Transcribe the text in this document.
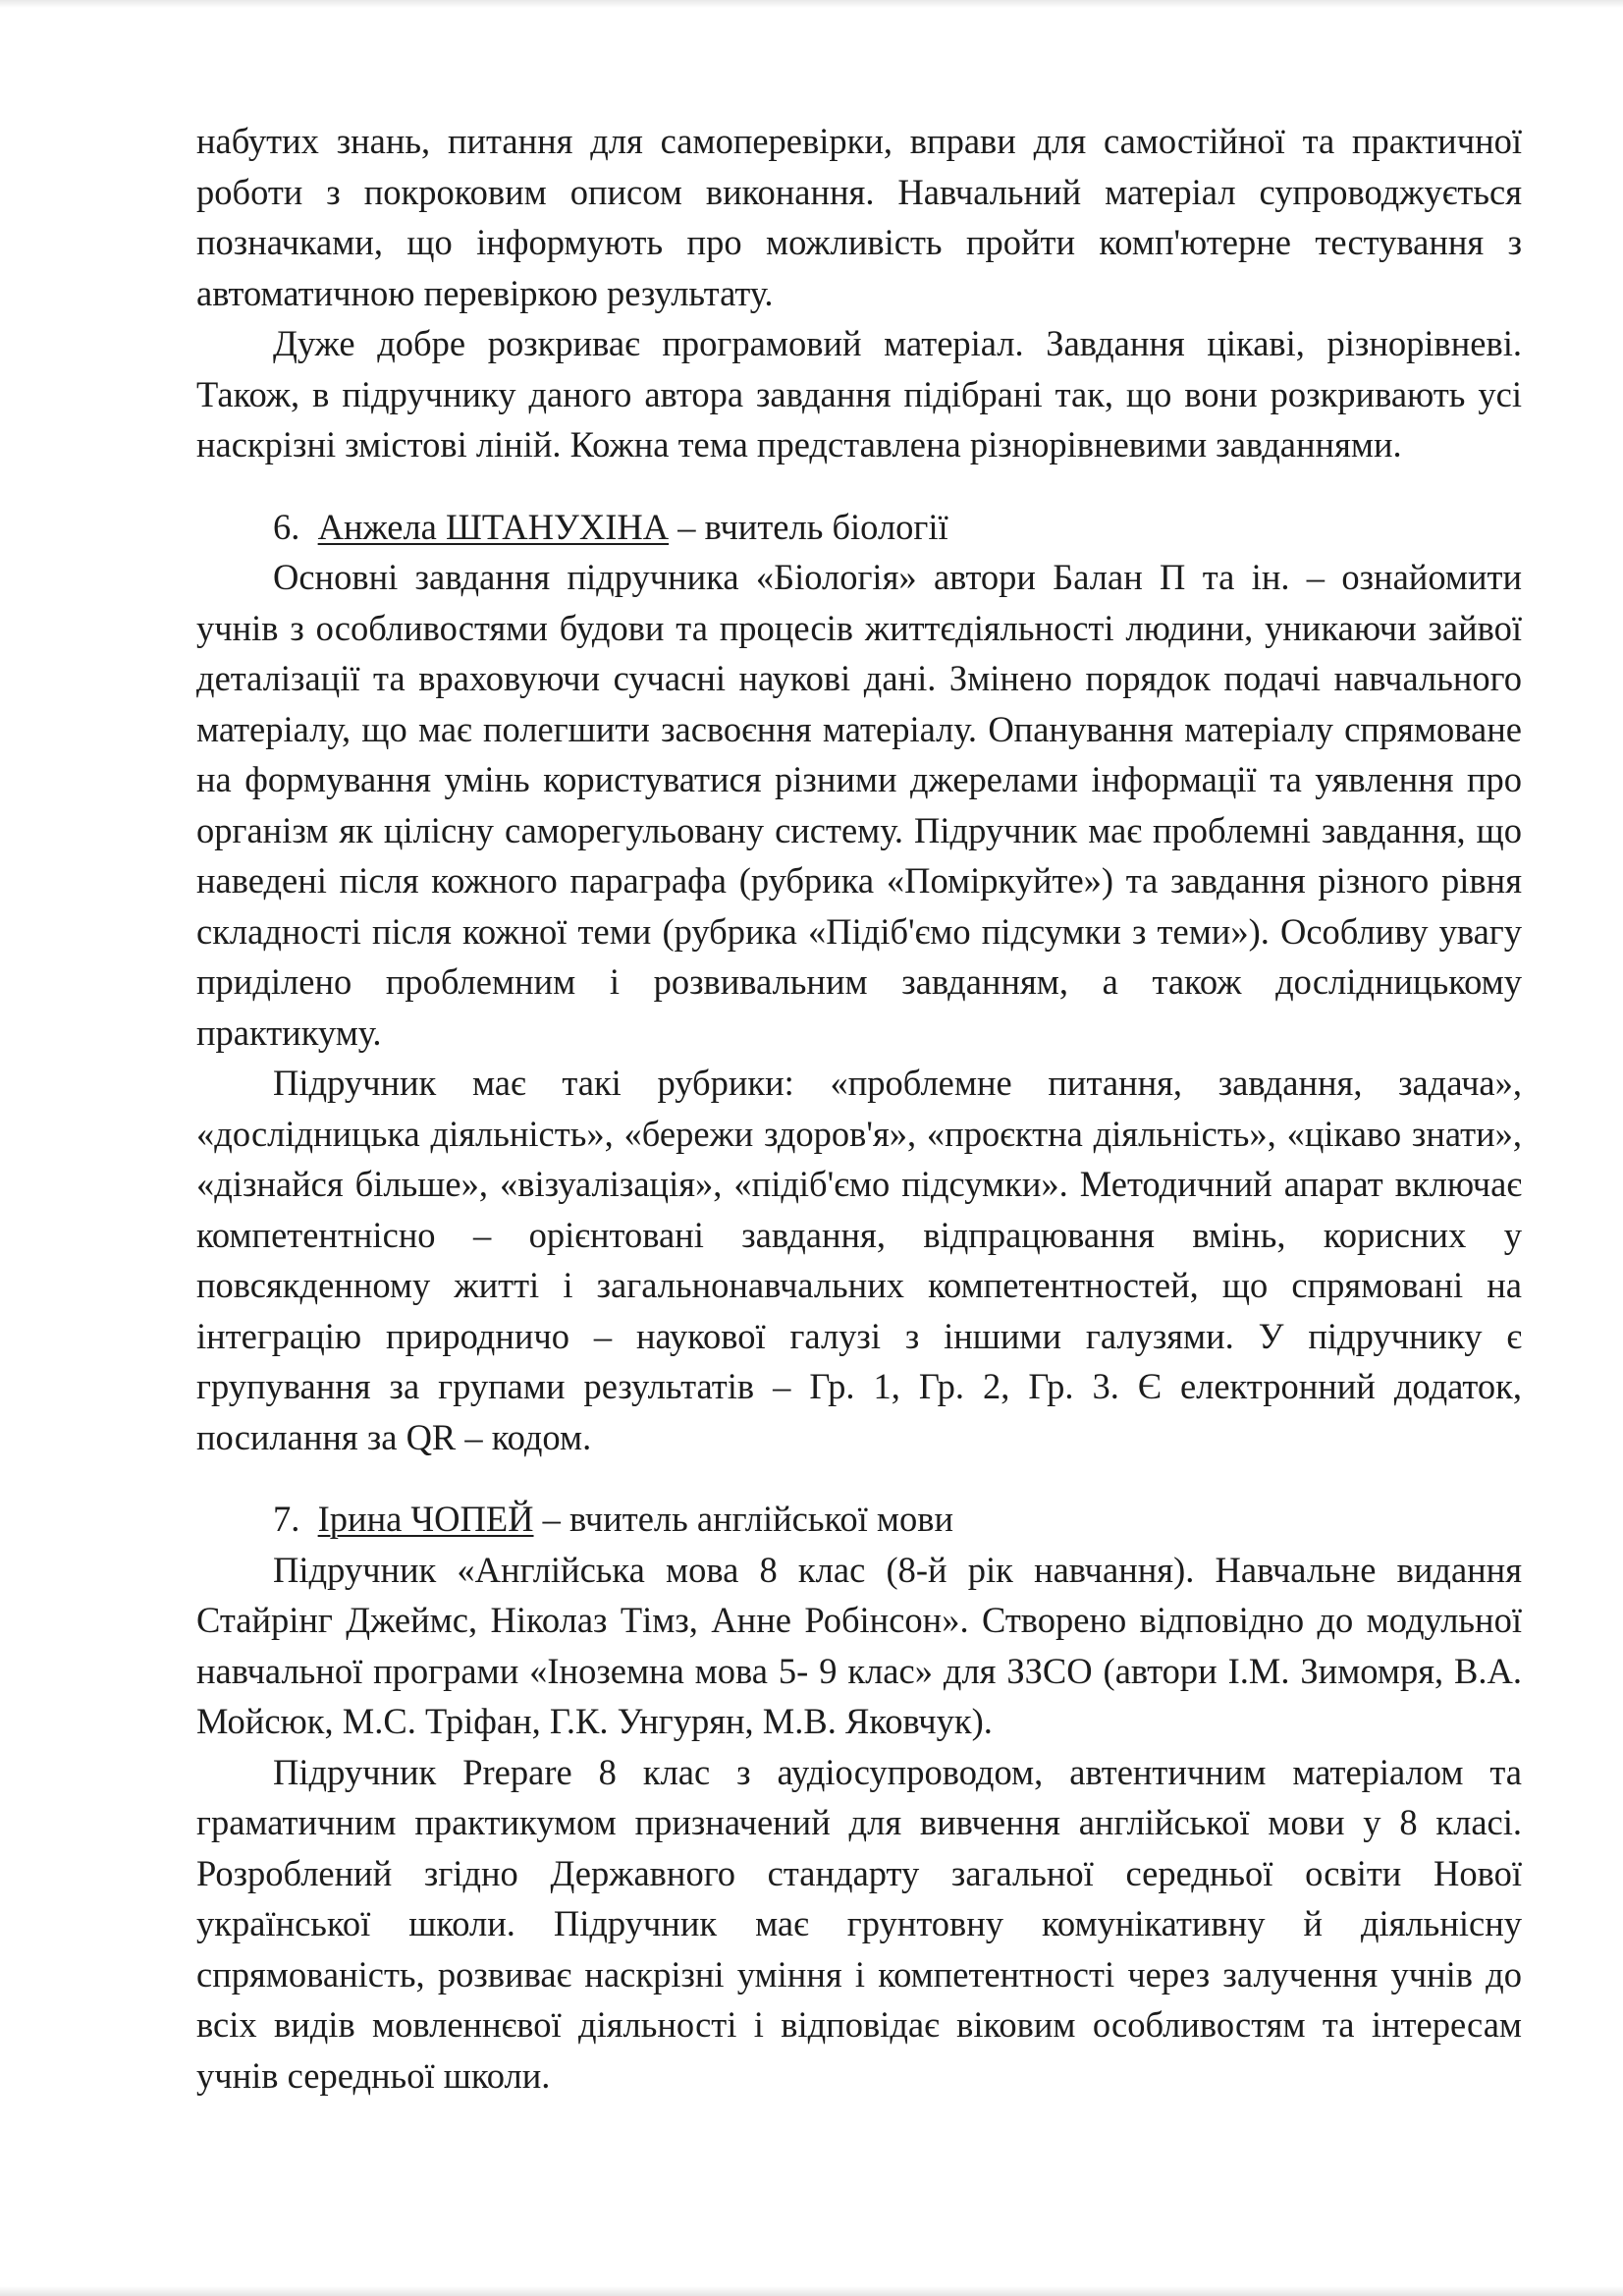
набутих знань, питання для самоперевірки, вправи для самостійної та практичної роботи з покроковим описом виконання. Навчальний матеріал супроводжується позначками, що інформують про можливість пройти комп'ютерне тестування з автоматичною перевіркою результату.

Дуже добре розкриває програмовий матеріал. Завдання цікаві, різнорівневі. Також, в підручнику даного автора завдання підібрані так, що вони розкривають усі наскрізні змістові ліній. Кожна тема представлена різнорівневими завданнями.

6. Анжела ШТАНУХІНА – вчитель біології

Основні завдання підручника «Біологія» автори Балан П та ін. – ознайомити учнів з особливостями будови та процесів життєдіяльності людини, уникаючи зайвої деталізації та враховуючи сучасні наукові дані. Змінено порядок подачі навчального матеріалу, що має полегшити засвоєння матеріалу. Опанування матеріалу спрямоване на формування умінь користуватися різними джерелами інформації та уявлення про організм як цілісну саморегульовану систему. Підручник має проблемні завдання, що наведені після кожного параграфа (рубрика «Поміркуйте») та завдання різного рівня складності після кожної теми (рубрика «Підіб'ємо підсумки з теми»). Особливу увагу приділено проблемним і розвивальним завданням, а також дослідницькому практикуму.

Підручник має такі рубрики: «проблемне питання, завдання, задача», «дослідницька діяльність», «бережи здоров'я», «проєктна діяльність», «цікаво знати», «дізнайся більше», «візуалізація», «підіб'ємо підсумки». Методичний апарат включає компетентнісно – орієнтовані завдання, відпрацювання вмінь, корисних у повсякденному житті і загальнонавчальних компетентностей, що спрямовані на інтеграцію природничо – наукової галузі з іншими галузями. У підручнику є групування за групами результатів – Гр. 1, Гр. 2, Гр. 3. Є електронний додаток, посилання за QR – кодом.

7. Ірина ЧОПЕЙ – вчитель англійської мови

Підручник «Англійська мова 8 клас (8-й рік навчання). Навчальне видання Стайрінг Джеймс, Ніколаз Тімз, Анне Робінсон». Створено відповідно до модульної навчальної програми «Іноземна мова 5- 9 клас» для ЗЗСО (автори І.М. Зимомря, В.А. Мойсюк, М.С. Тріфан, Г.К. Унгурян, М.В. Яковчук).

Підручник Prepare 8 клас з аудіосупроводом, автентичним матеріалом та граматичним практикумом призначений для вивчення англійської мови у 8 класі. Розроблений згідно Державного стандарту загальної середньої освіти Нової української школи. Підручник має грунтовну комунікативну й діяльнісну спрямованість, розвиває наскрізні уміння і компетентності через залучення учнів до всіх видів мовленнєвої діяльності і відповідає віковим особливостям та інтересам учнів середньої школи.
